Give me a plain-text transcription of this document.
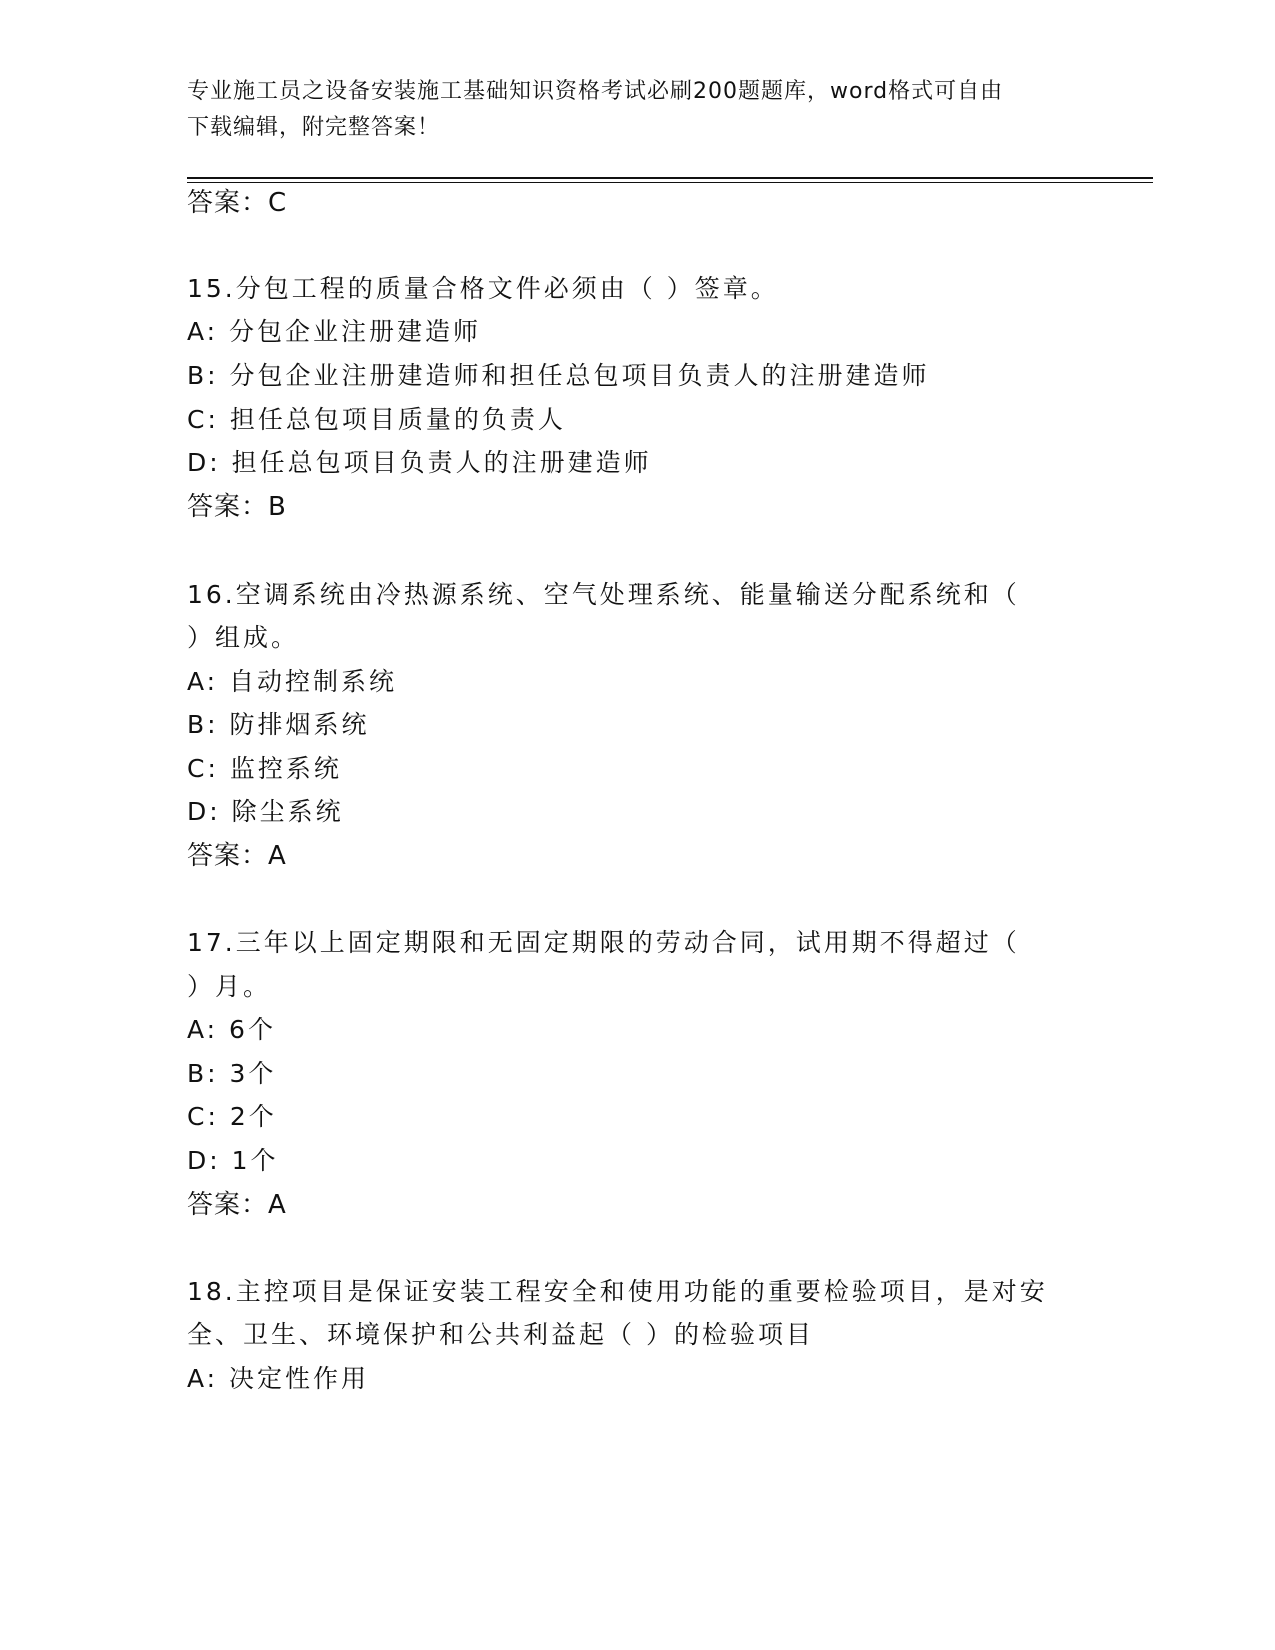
专业施工员之设备安装施工基础知识资格考试必刷200题题库，word格式可自由
下载编辑，附完整答案！
答案：C
15.分包工程的质量合格文件必须由（ ）签章。
A: 分包企业注册建造师
B: 分包企业注册建造师和担任总包项目负责人的注册建造师
C: 担任总包项目质量的负责人
D: 担任总包项目负责人的注册建造师
答案：B
16.空调系统由冷热源系统、空气处理系统、能量输送分配系统和（
）组成。
A: 自动控制系统
B: 防排烟系统
C: 监控系统
D: 除尘系统
答案：A
17.三年以上固定期限和无固定期限的劳动合同，试用期不得超过（
）月。
A: 6个
B: 3个
C: 2个
D: 1个
答案：A
18.主控项目是保证安装工程安全和使用功能的重要检验项目，是对安
全、卫生、环境保护和公共利益起（ ）的检验项目
A: 决定性作用
